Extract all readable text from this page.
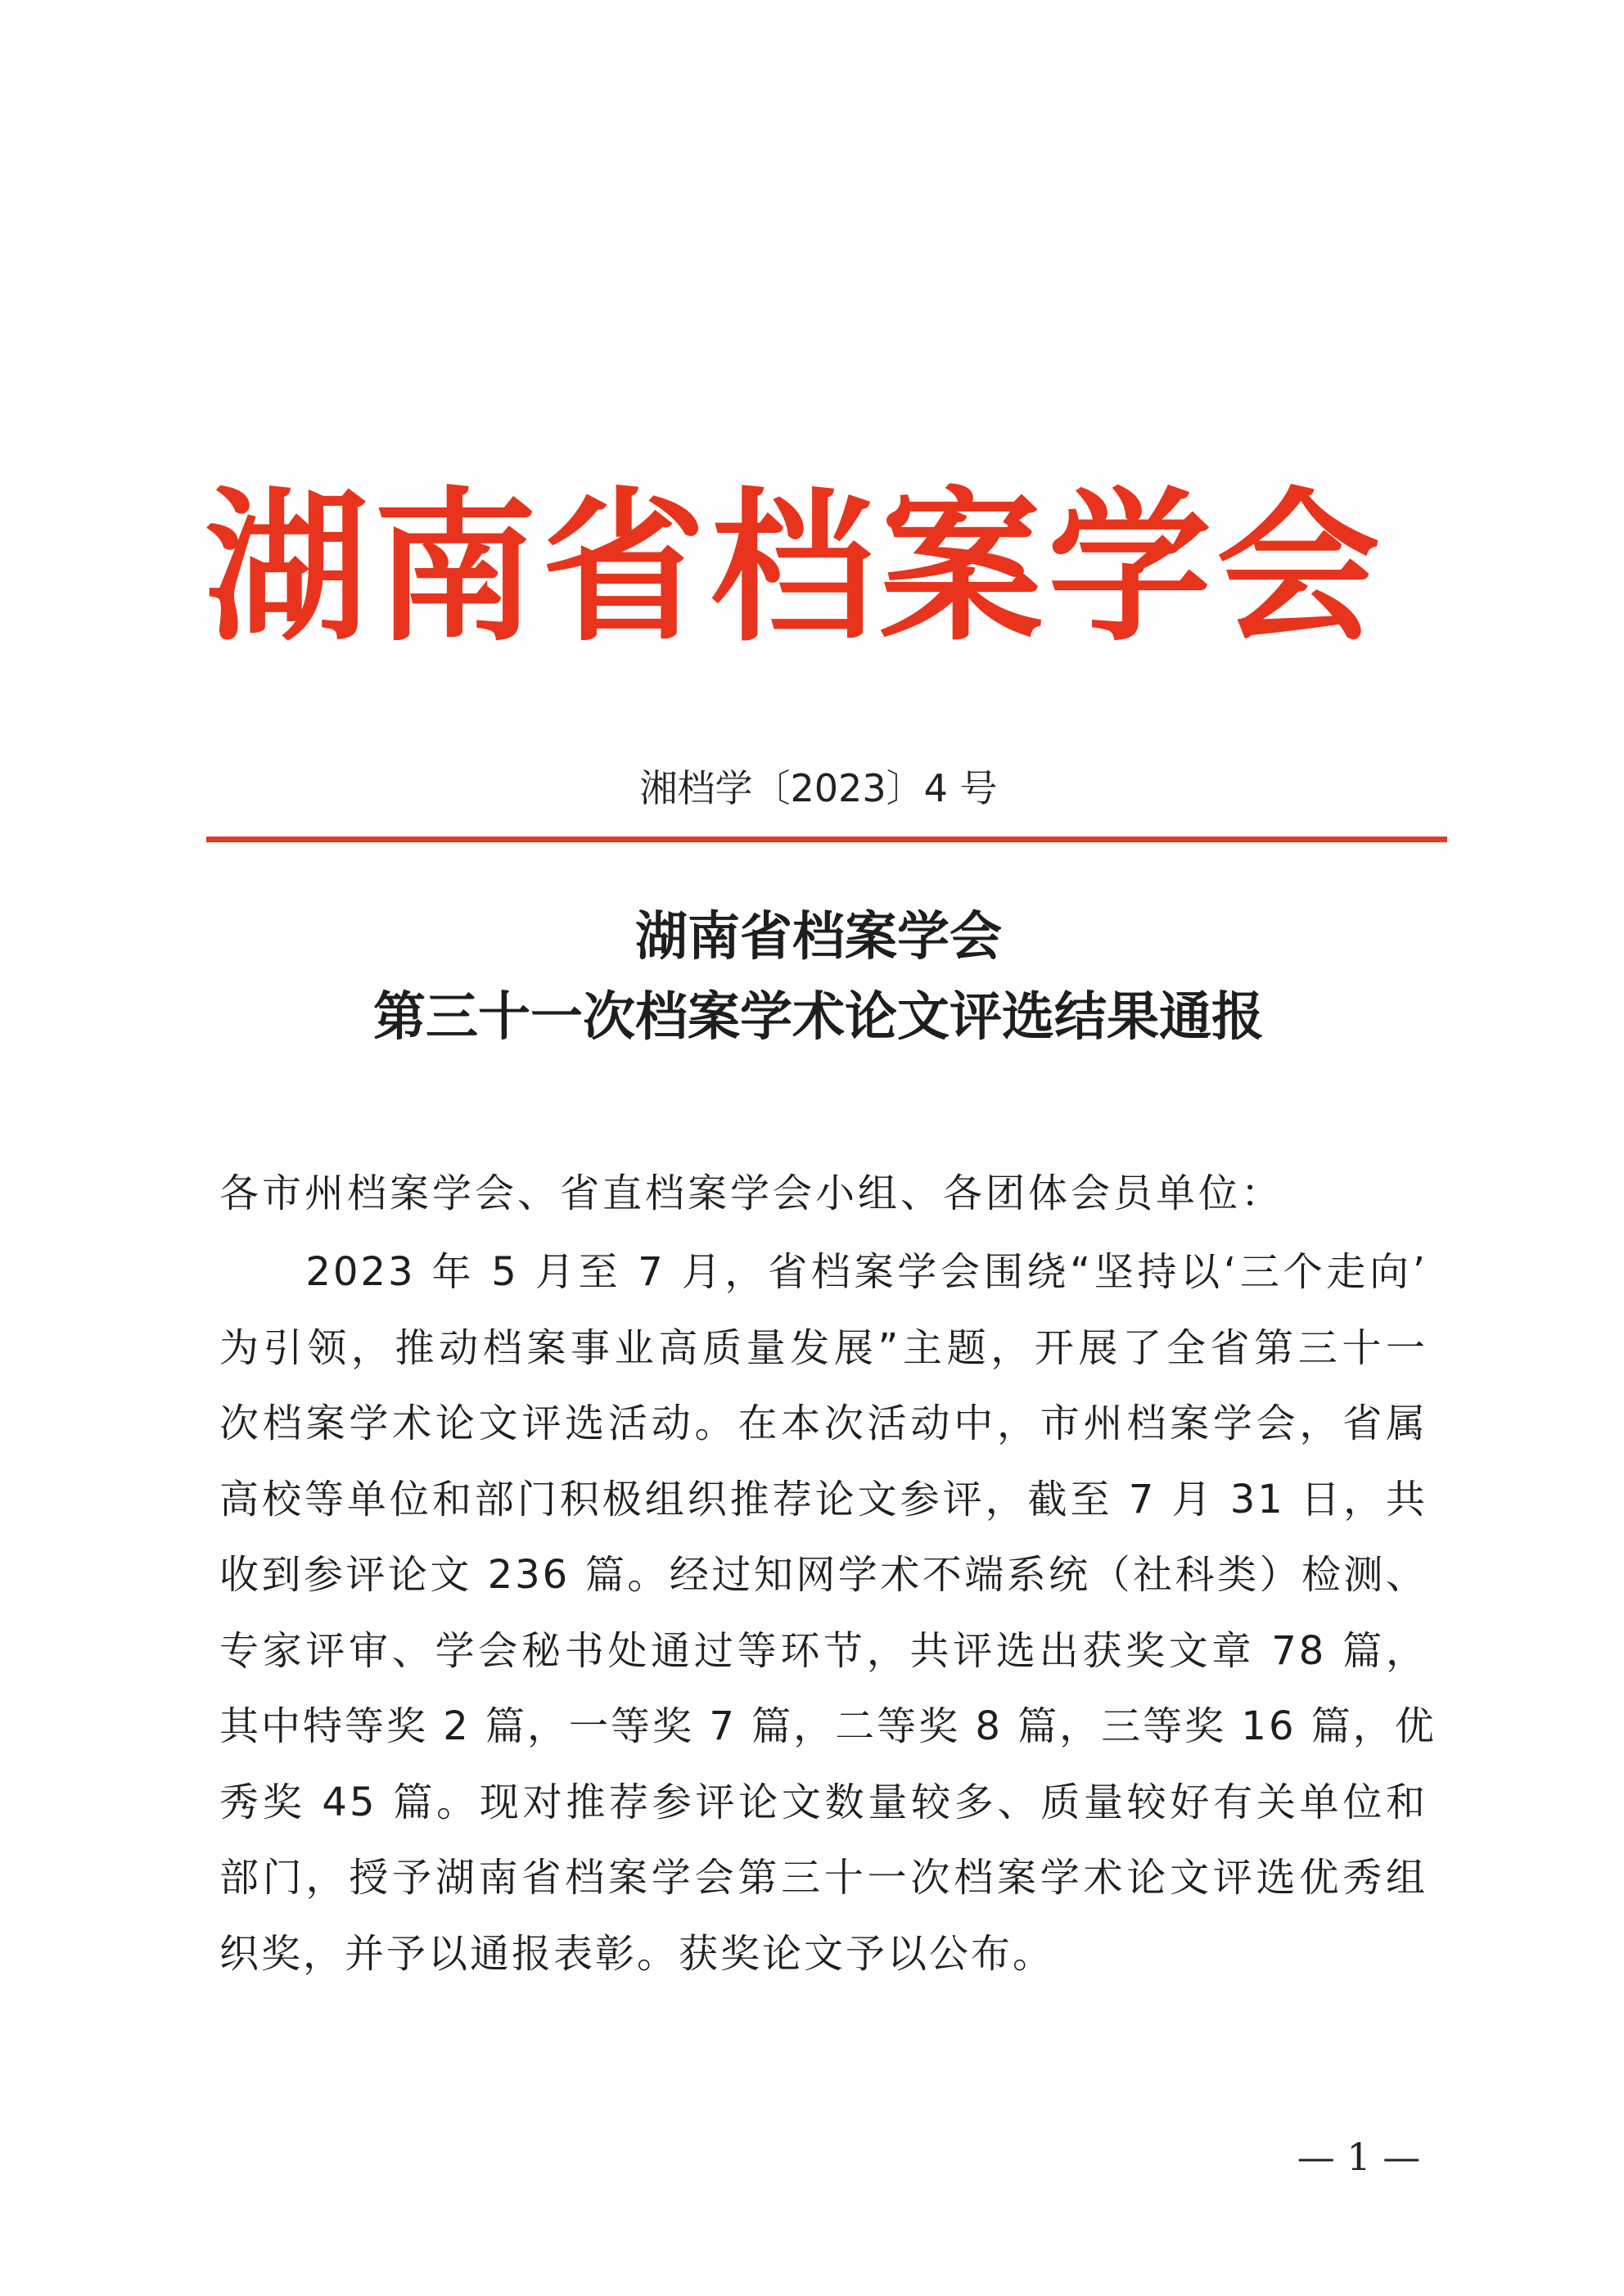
湖南省档案学会
湘档学〔2023〕4 号
湖南省档案学会
第三十一次档案学术论文评选结果通报
各市州档案学会、省直档案学会小组、各团体会员单位：
　　2023 年 5 月至 7 月，省档案学会围绕“坚持以‘三个走向’
为引领，推动档案事业高质量发展”主题，开展了全省第三十一
次档案学术论文评选活动。在本次活动中，市州档案学会，省属
高校等单位和部门积极组织推荐论文参评，截至 7 月 31 日，共
收到参评论文 236 篇。经过知网学术不端系统（社科类）检测、
专家评审、学会秘书处通过等环节，共评选出获奖文章 78 篇，
其中特等奖 2 篇，一等奖 7 篇，二等奖 8 篇，三等奖 16 篇，优
秀奖 45 篇。现对推荐参评论文数量较多、质量较好有关单位和
部门，授予湖南省档案学会第三十一次档案学术论文评选优秀组
织奖，并予以通报表彰。获奖论文予以公布。
— 1 —
